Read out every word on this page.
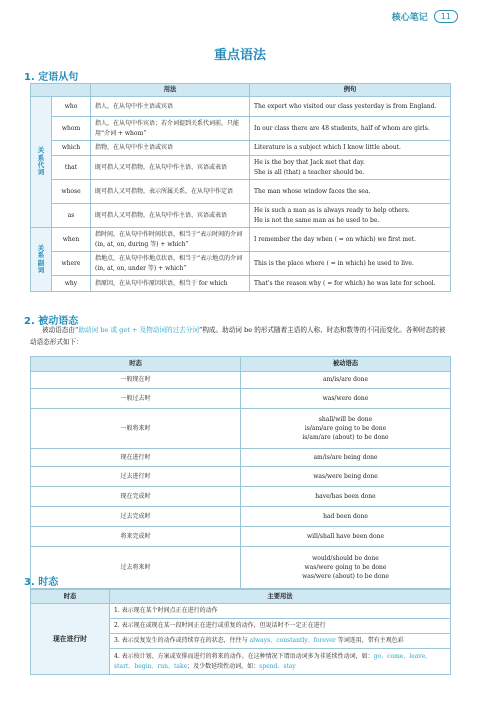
核心笔记	11
重点语法
1. 定语从句
		用法	例句
关
系
代
词	who	指人，在从句中作主语或宾语	The expert who visited our class yesterday is from England.
	whom	指人，在从句中作宾语；若介词提到关系代词前，只能用“介词 + whom”	In our class there are 48 students, half of whom are girls.
	which	指物，在从句中作主语或宾语	Literature is a subject which I know little about.
	that	既可指人又可指物，在从句中作主语、宾语或表语	He is the boy that Jack met that day.
She is all (that) a teacher should be.
	whose	既可指人又可指物，表示所属关系，在从句中作定语	The man whose window faces the sea.
	as	既可指人又可指物，在从句中作主语、宾语或表语	He is such a man as is always ready to help others.
He is not the same man as he used to be.
关
系
副
词	when	指时间，在从句中作时间状语，相当于“表示时间的介词(in, at, on, during 等) + which”	I remember the day when ( = on which) we first met.
	where	指地点，在从句中作地点状语，相当于“表示地点的介词(in, at, on, under 等) + which”	This is the place where ( = in which) he used to live.
	why	指原因，在从句中作原因状语，相当于 for which	That's the reason why ( = for which) he was late for school.
2. 被动语态
被动语态由“助动词 be 或 get + 及物动词的过去分词”构成。助动词 be 的形式随着主语的人称、时态和数等的不同而变化。各种时态的被动语态形式如下：
时态	被动语态
一般现在时	am/is/are done
一般过去时	was/were done
一般将来时	shall/will be done
is/am/are going to be done
is/am/are (about) to be done
现在进行时	am/is/are being done
过去进行时	was/were being done
现在完成时	have/has been done
过去完成时	had been done
将来完成时	will/shall have been done
过去将来时	would/should be done
was/were going to be done
was/were (about) to be done
3. 时态
时态	主要用法
现在进行时	1. 表示现在某个时间点正在进行的动作
	2. 表示现在或现在某一段时间正在进行或重复的动作，但说话时不一定正在进行
	3. 表示反复发生的动作或持续存在的状态，往往与 always、constantly、forever 等词连用，带有主观色彩
	4. 表示按计划、方案或安排而进行的将来的动作。在这种情况下谓语动词多为非延续性动词，如：go、come、leave、start、begin、run、take；及少数延续性动词，如：spend、stay
